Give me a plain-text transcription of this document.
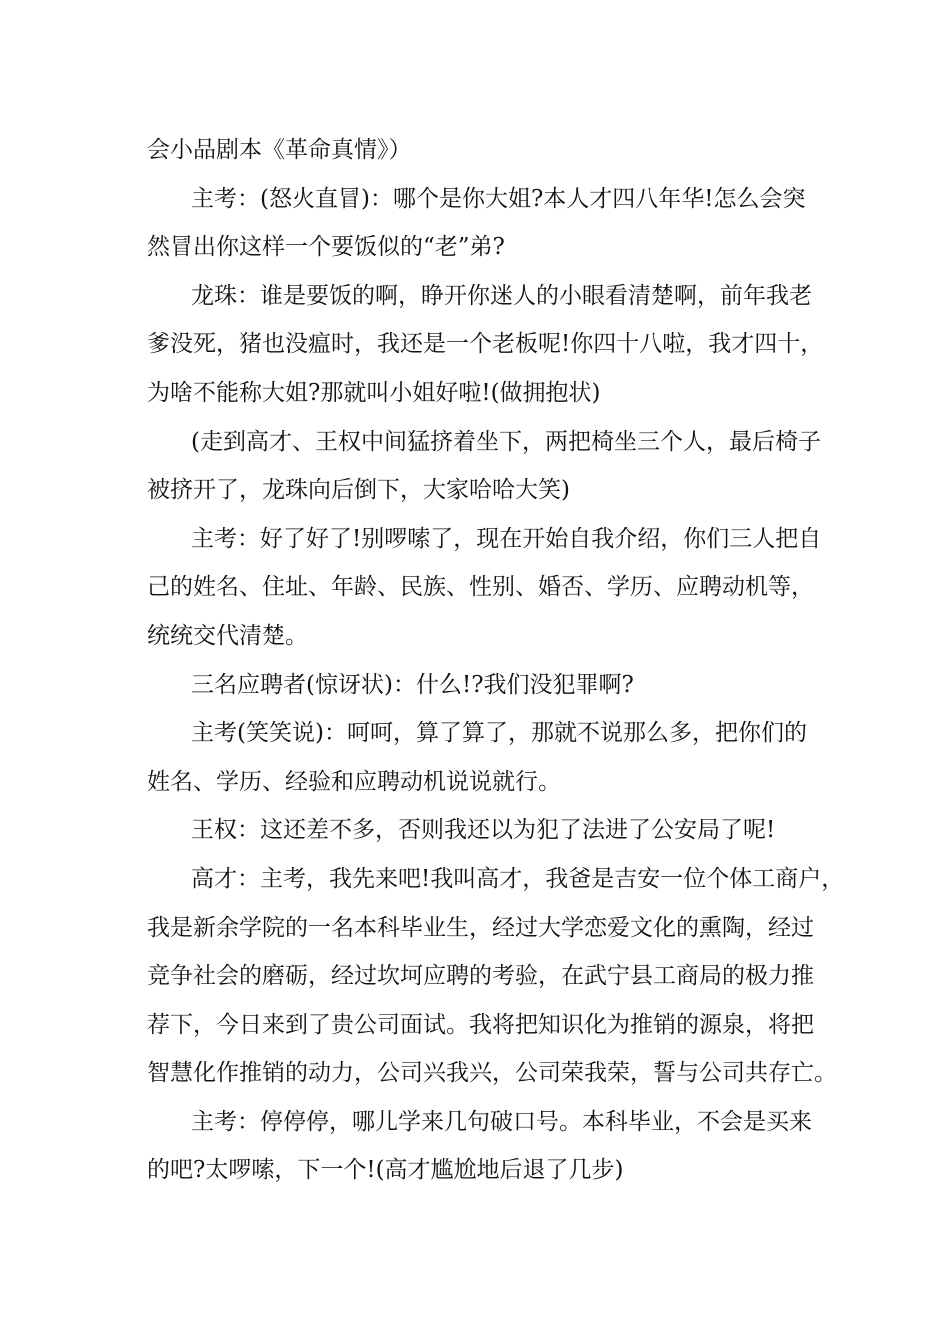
会小品剧本《革命真情》）
主考：(怒火直冒)：哪个是你大姐?本人才四八年华!怎么会突
然冒出你这样一个要饭似的“老”弟?
龙珠：谁是要饭的啊，睁开你迷人的小眼看清楚啊，前年我老
爹没死，猪也没瘟时，我还是一个老板呢!你四十八啦，我才四十，
为啥不能称大姐?那就叫小姐好啦!(做拥抱状)
(走到高才、王权中间猛挤着坐下，两把椅坐三个人，最后椅子
被挤开了，龙珠向后倒下，大家哈哈大笑)
主考：好了好了!别啰嗦了，现在开始自我介绍，你们三人把自
己的姓名、住址、年龄、民族、性别、婚否、学历、应聘动机等，
统统交代清楚。
三名应聘者(惊讶状)：什么!?我们没犯罪啊?
主考(笑笑说)：呵呵，算了算了，那就不说那么多，把你们的
姓名、学历、经验和应聘动机说说就行。
王权：这还差不多，否则我还以为犯了法进了公安局了呢!
高才：主考，我先来吧!我叫高才，我爸是吉安一位个体工商户，
我是新余学院的一名本科毕业生，经过大学恋爱文化的熏陶，经过
竞争社会的磨砺，经过坎坷应聘的考验，在武宁县工商局的极力推
荐下，今日来到了贵公司面试。我将把知识化为推销的源泉，将把
智慧化作推销的动力，公司兴我兴，公司荣我荣，誓与公司共存亡。
主考：停停停，哪儿学来几句破口号。本科毕业，不会是买来
的吧?太啰嗦，下一个!(高才尴尬地后退了几步)
